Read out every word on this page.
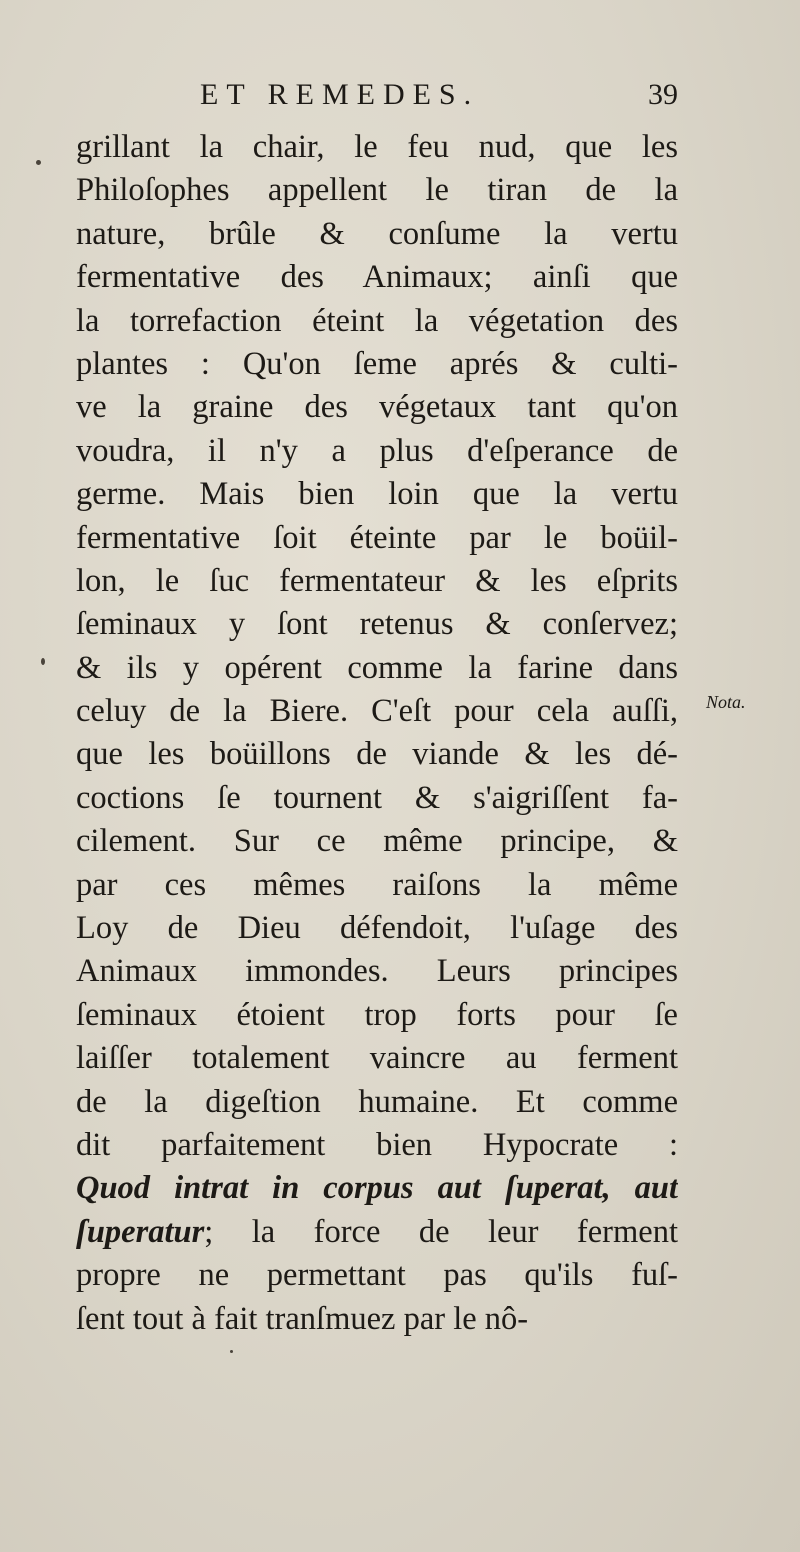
ET REMEDES.	39
grillant la chair, le feu nud, que les
Philoſophes appellent le tiran de la
nature, brûle & conſume la vertu
fermentative des Animaux; ainſi que
la torrefaction éteint la végetation des
plantes : Qu'on ſeme aprés & culti-
ve la graine des végetaux tant qu'on
voudra, il n'y a plus d'eſperance de
germe. Mais bien loin que la vertu
fermentative ſoit éteinte par le boüil-
lon, le ſuc fermentateur & les eſprits
ſeminaux y ſont retenus & conſervez;
& ils y opérent comme la farine dans
celuy de la Biere. C'eſt pour cela auſſi,
que les boüillons de viande & les dé-
coctions ſe tournent & s'aigriſſent fa-
cilement. Sur ce même principe, &
par ces mêmes raiſons la même
Loy de Dieu défendoit, l'uſage des
Animaux immondes. Leurs principes
ſeminaux étoient trop forts pour ſe
laiſſer totalement vaincre au ferment
de la digeſtion humaine. Et comme
dit parfaitement bien Hypocrate :
Quod intrat in corpus aut ſuperat, aut
ſuperatur; la force de leur ferment
propre ne permettant pas qu'ils fuſ-
ſent tout à fait tranſmuez par le nô-
Nota.
